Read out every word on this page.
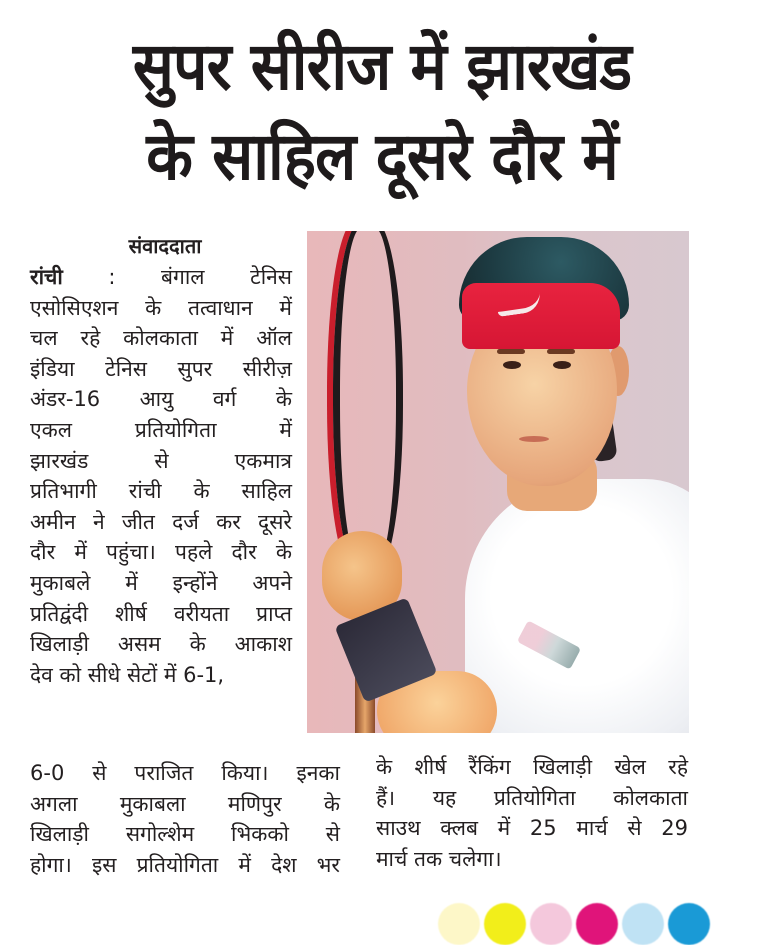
सुपर सीरीज में झारखंड
के साहिल दूसरे दौर में
संवाददाता
रांची : बंगाल टेनिस
एसोसिएशन के तत्वाधान में
चल रहे कोलकाता में ऑल
इंडिया टेनिस सुपर सीरीज़
अंडर-16 आयु वर्ग के
एकल प्रतियोगिता में
झारखंड से एकमात्र
प्रतिभागी रांची के साहिल
अमीन ने जीत दर्ज कर दूसरे
दौर में पहुंचा। पहले दौर के
मुकाबले में इन्होंने अपने
प्रतिद्वंदी शीर्ष वरीयता प्राप्त
खिलाड़ी असम के आकाश
देव को सीधे सेटों में 6-1,
6-0 से पराजित किया। इनका
अगला मुकाबला मणिपुर के
खिलाड़ी सगोल्शेम भिकको से
होगा। इस प्रतियोगिता में देश भर
के शीर्ष रैंकिंग खिलाड़ी खेल रहे
हैं। यह प्रतियोगिता कोलकाता
साउथ क्लब में 25 मार्च से 29
मार्च तक चलेगा।
